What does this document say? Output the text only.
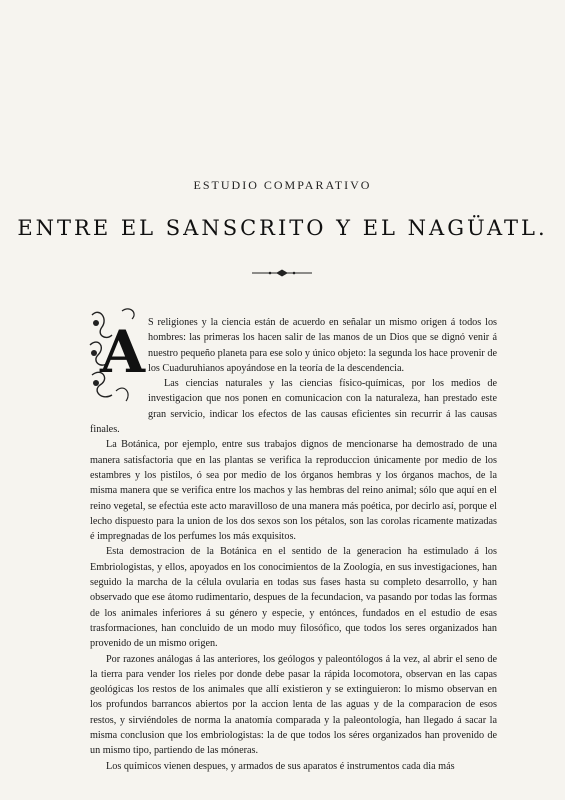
ESTUDIO COMPARATIVO
ENTRE EL SANSCRITO Y EL NAGÜATL.

A S religiones y la ciencia están de acuerdo en señalar un mismo origen á todos los hombres: las primeras los hacen salir de las manos de un Dios que se dignó venir á nuestro pequeño planeta para ese solo y único objeto: la segunda los hace provenir de los Cuaduruhianos apoyándose en la teoría de la descendencia.

Las ciencias naturales y las ciencias físico-químicas, por los medios de investigacion que nos ponen en comunicacion con la naturaleza, han prestado este gran servicio, indicar los efectos de las causas eficientes sin recurrir á las causas finales.

La Botánica, por ejemplo, entre sus trabajos dignos de mencionarse ha demostrado de una manera satisfactoria que en las plantas se verifica la reproduccion únicamente por medio de los estambres y los pistilos, ó sea por medio de los órganos hembras y los órganos machos, de la misma manera que se verifica entre los machos y las hembras del reino animal; sólo que aquí en el reino vegetal, se efectúa este acto maravilloso de una manera más poética, por decirlo así, porque el lecho dispuesto para la union de los dos sexos son los pétalos, son las corolas ricamente matizadas é impregnadas de los perfumes los más exquisitos.

Esta demostracion de la Botánica en el sentido de la generacion ha estimulado á los Embriologistas, y ellos, apoyados en los conocimientos de la Zoología, en sus investigaciones, han seguido la marcha de la célula ovularia en todas sus fases hasta su completo desarrollo, y han observado que ese átomo rudimentario, despues de la fecundacion, va pasando por todas las formas de los animales inferiores á su género y especie, y entónces, fundados en el estudio de esas trasformaciones, han concluido de un modo muy filosófico, que todos los seres organizados han provenido de un mismo origen.

Por razones análogas á las anteriores, los geólogos y paleontólogos á la vez, al abrir el seno de la tierra para vender los rieles por donde debe pasar la rápida locomotora, observan en las capas geológicas los restos de los animales que allí existieron y se extinguieron: lo mismo observan en los profundos barrancos abiertos por la accion lenta de las aguas y de la comparacion de esos restos, y sirviéndoles de norma la anatomía comparada y la paleontología, han llegado á sacar la misma conclusion que los embriologistas: la de que todos los séres organizados han provenido de un mismo tipo, partiendo de las móneras.

Los químicos vienen despues, y armados de sus aparatos é instrumentos cada dia más
